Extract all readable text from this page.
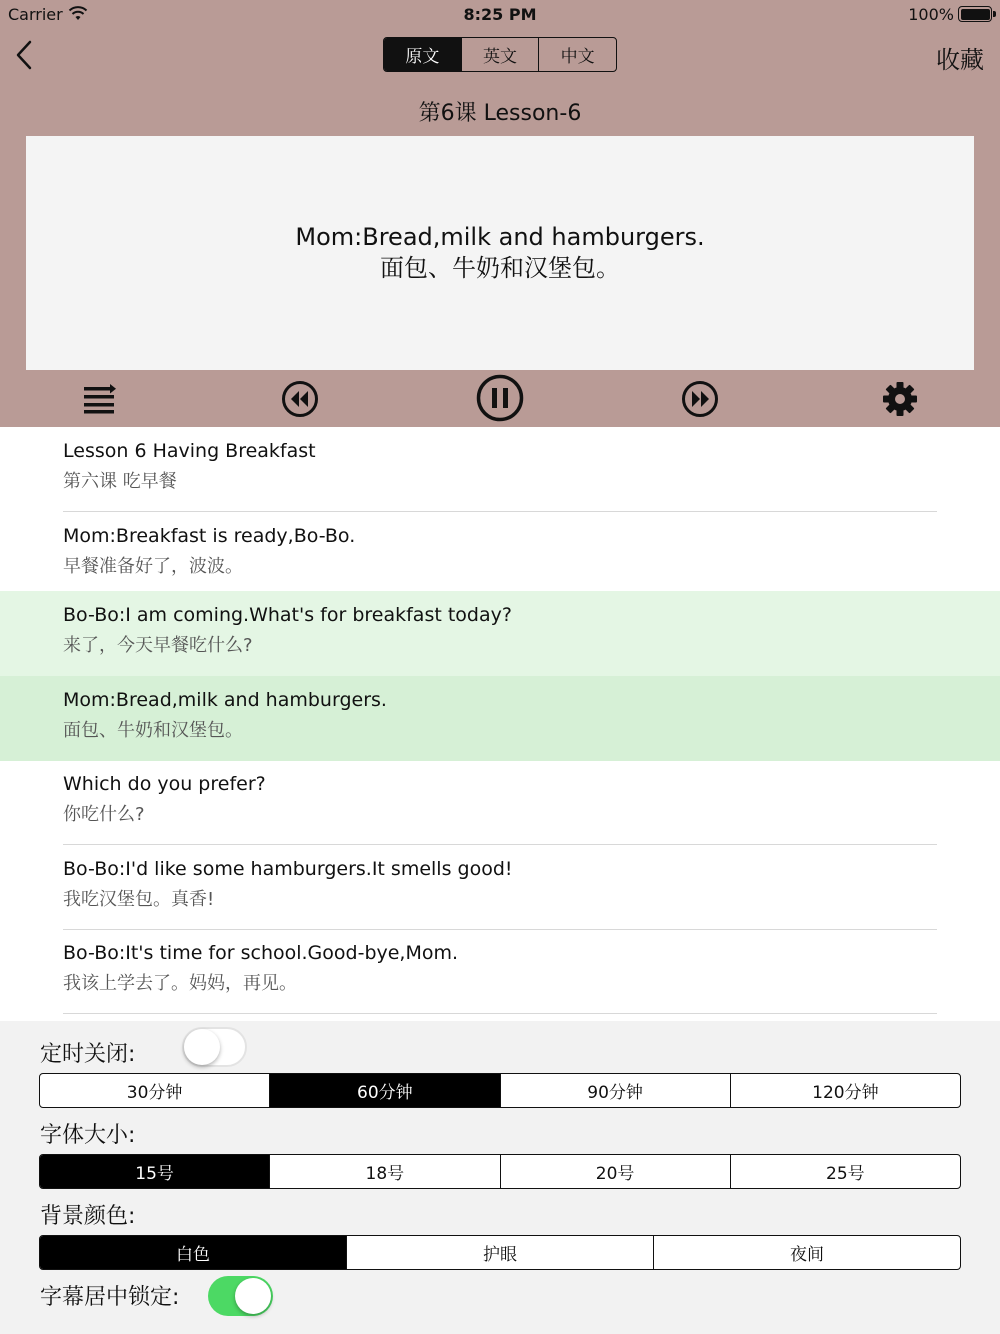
Carrier	8:25 PM	100%
原文	英文	中文	收藏
第6课 Lesson-6
Mom:Bread,milk and hamburgers.
面包、牛奶和汉堡包。
Lesson 6 Having Breakfast
第六课 吃早餐
Mom:Breakfast is ready,Bo-Bo.
早餐准备好了，波波。
Bo-Bo:I am coming.What's for breakfast today?
来了，今天早餐吃什么?
Mom:Bread,milk and hamburgers.
面包、牛奶和汉堡包。
Which do you prefer?
你吃什么?
Bo-Bo:I'd like some hamburgers.It smells good!
我吃汉堡包。真香!
Bo-Bo:It's time for school.Good-bye,Mom.
我该上学去了。妈妈，再见。
定时关闭:
30分钟	60分钟	90分钟	120分钟
字体大小:
15号	18号	20号	25号
背景颜色:
白色	护眼	夜间
字幕居中锁定:
